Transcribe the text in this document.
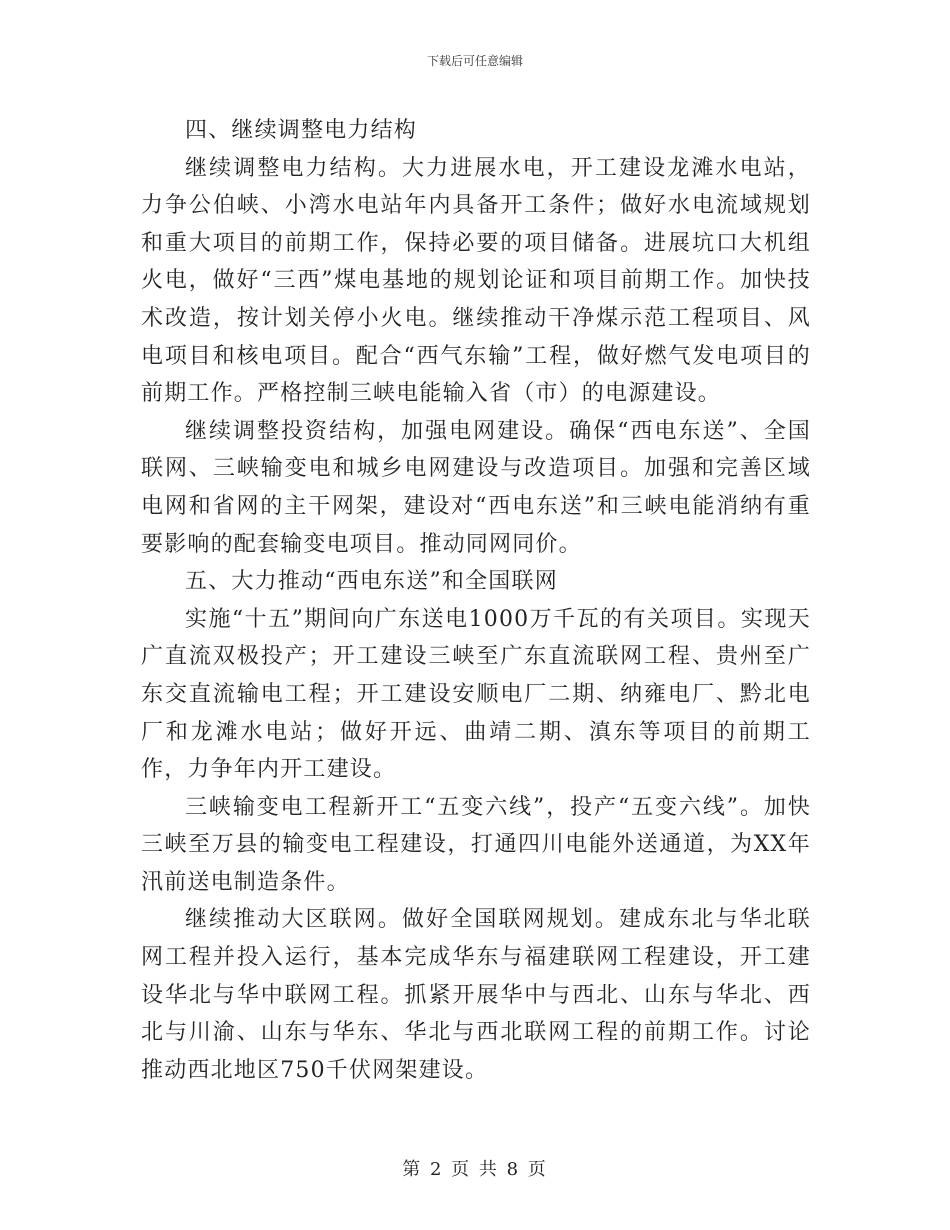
下载后可任意编辑

四、继续调整电力结构

继续调整电力结构。大力进展水电，开工建设龙滩水电站，力争公伯峡、小湾水电站年内具备开工条件；做好水电流域规划和重大项目的前期工作，保持必要的项目储备。进展坑口大机组火电，做好“三西”煤电基地的规划论证和项目前期工作。加快技术改造，按计划关停小火电。继续推动干净煤示范工程项目、风电项目和核电项目。配合“西气东输”工程，做好燃气发电项目的前期工作。严格控制三峡电能输入省（市）的电源建设。

继续调整投资结构，加强电网建设。确保“西电东送”、全国联网、三峡输变电和城乡电网建设与改造项目。加强和完善区域电网和省网的主干网架，建设对“西电东送”和三峡电能消纳有重要影响的配套输变电项目。推动同网同价。

五、大力推动“西电东送”和全国联网

实施“十五”期间向广东送电1000万千瓦的有关项目。实现天广直流双极投产；开工建设三峡至广东直流联网工程、贵州至广东交直流输电工程；开工建设安顺电厂二期、纳雍电厂、黔北电厂和龙滩水电站；做好开远、曲靖二期、滇东等项目的前期工作，力争年内开工建设。

三峡输变电工程新开工“五变六线”，投产“五变六线”。加快三峡至万县的输变电工程建设，打通四川电能外送通道，为XX年汛前送电制造条件。

继续推动大区联网。做好全国联网规划。建成东北与华北联网工程并投入运行，基本完成华东与福建联网工程建设，开工建设华北与华中联网工程。抓紧开展华中与西北、山东与华北、西北与川渝、山东与华东、华北与西北联网工程的前期工作。讨论推动西北地区750千伏网架建设。

第 2 页 共 8 页
